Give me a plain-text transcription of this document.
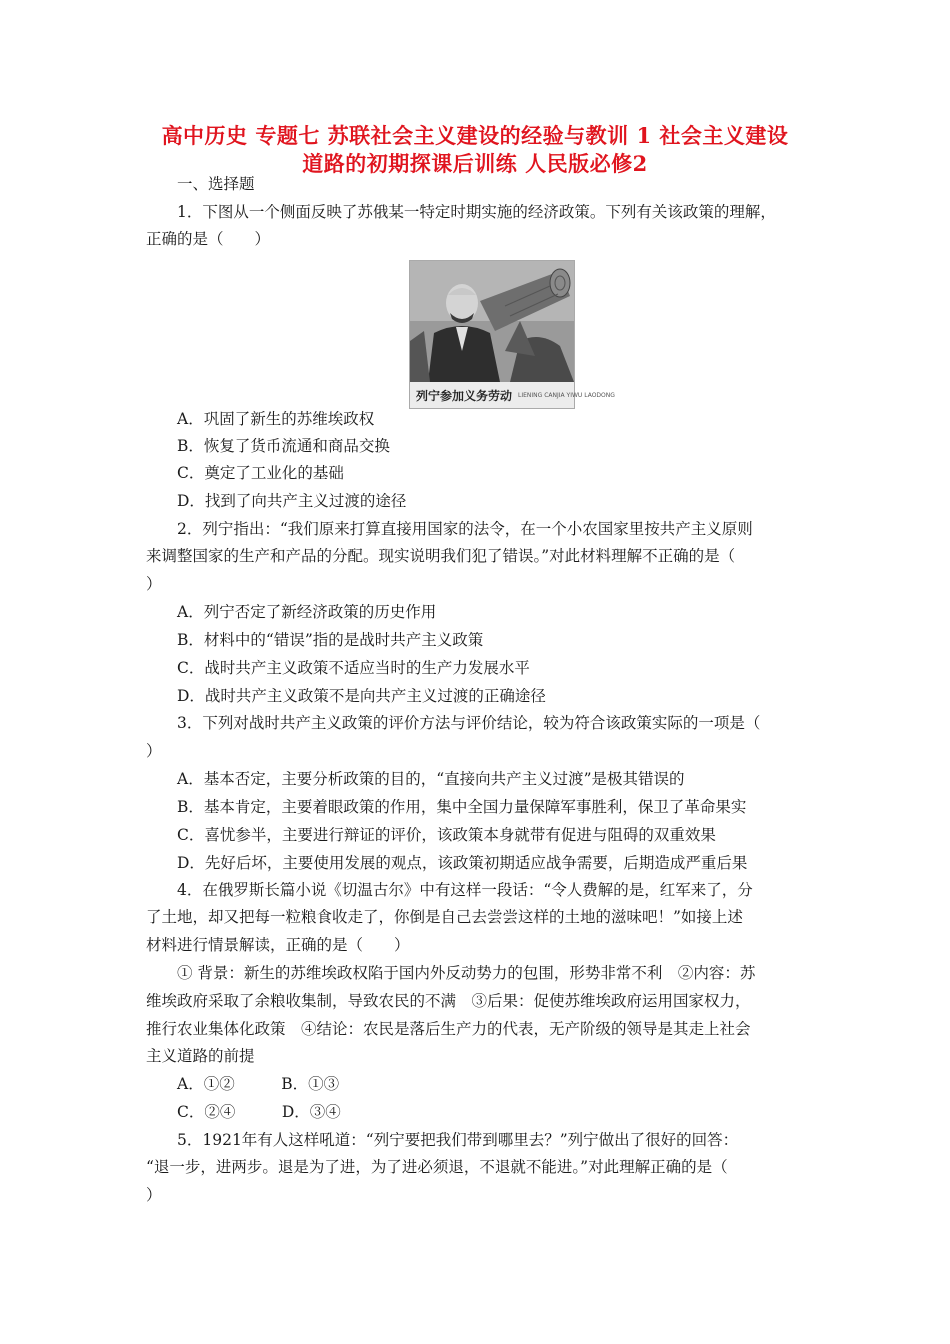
高中历史 专题七 苏联社会主义建设的经验与教训 1 社会主义建设
道路的初期探课后训练 人民版必修2
一、选择题
1．下图从一个侧面反映了苏俄某一特定时期实施的经济政策。下列有关该政策的理解，
正确的是（　　）
列宁参加义务劳动 LIENING CANJIA YIWU LAODONG
A．巩固了新生的苏维埃政权
B．恢复了货币流通和商品交换
C．奠定了工业化的基础
D．找到了向共产主义过渡的途径
2．列宁指出：“我们原来打算直接用国家的法令，在一个小农国家里按共产主义原则
来调整国家的生产和产品的分配。现实说明我们犯了错误。”对此材料理解不正确的是（
）
A．列宁否定了新经济政策的历史作用
B．材料中的“错误”指的是战时共产主义政策
C．战时共产主义政策不适应当时的生产力发展水平
D．战时共产主义政策不是向共产主义过渡的正确途径
3．下列对战时共产主义政策的评价方法与评价结论，较为符合该政策实际的一项是（
）
A．基本否定，主要分析政策的目的，“直接向共产主义过渡”是极其错误的
B．基本肯定，主要着眼政策的作用，集中全国力量保障军事胜利，保卫了革命果实
C．喜忧参半，主要进行辩证的评价，该政策本身就带有促进与阻碍的双重效果
D．先好后坏，主要使用发展的观点，该政策初期适应战争需要，后期造成严重后果
4．在俄罗斯长篇小说《切温古尔》中有这样一段话：“令人费解的是，红军来了，分
了土地，却又把每一粒粮食收走了，你倒是自己去尝尝这样的土地的滋味吧！”如接上述
材料进行情景解读，正确的是（　　）
① 背景：新生的苏维埃政权陷于国内外反动势力的包围，形势非常不利　②内容：苏
维埃政府采取了余粮收集制，导致农民的不满　③后果：促使苏维埃政府运用国家权力，
推行农业集体化政策　④结论：农民是落后生产力的代表，无产阶级的领导是其走上社会
主义道路的前提
A．①②　　　B．①③
C．②④　　　D．③④
5．1921年有人这样吼道：“列宁要把我们带到哪里去？”列宁做出了很好的回答：
“退一步，进两步。退是为了进，为了进必须退，不退就不能进。”对此理解正确的是（
）
